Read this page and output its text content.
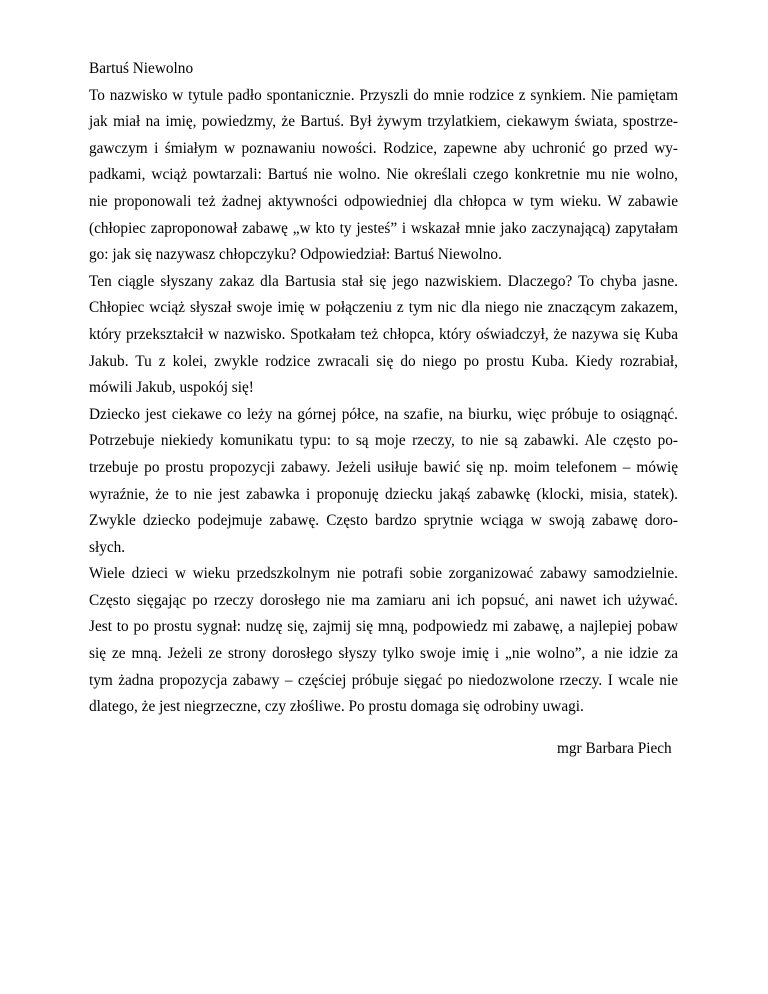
Bartuś Niewolno
To nazwisko w tytule padło spontanicznie. Przyszli do mnie rodzice z synkiem. Nie pamiętam
jak miał na imię, powiedzmy, że Bartuś. Był żywym trzylatkiem, ciekawym świata, spostrze-
gawczym i śmiałym w poznawaniu nowości. Rodzice, zapewne aby uchronić go przed wy-
padkami, wciąż powtarzali: Bartuś nie wolno. Nie określali czego konkretnie mu nie wolno,
nie proponowali też żadnej aktywności odpowiedniej dla chłopca w tym wieku. W zabawie
(chłopiec zaproponował zabawę „w kto ty jesteś” i wskazał mnie jako zaczynającą) zapytałam
go: jak się nazywasz chłopczyku? Odpowiedział: Bartuś Niewolno.
Ten ciągle słyszany zakaz dla Bartusia stał się jego nazwiskiem. Dlaczego? To chyba jasne.
Chłopiec wciąż słyszał swoje imię w połączeniu z tym nic dla niego nie znaczącym zakazem,
który przekształcił w nazwisko. Spotkałam też chłopca, który oświadczył, że nazywa się Kuba
Jakub. Tu z kolei, zwykle rodzice zwracali się do niego po prostu Kuba. Kiedy rozrabiał,
mówili Jakub, uspokój się!
Dziecko jest ciekawe co leży na górnej półce, na szafie, na biurku, więc próbuje to osiągnąć.
Potrzebuje niekiedy komunikatu typu: to są moje rzeczy, to nie są zabawki. Ale często po-
trzebuje po prostu propozycji zabawy. Jeżeli usiłuje bawić się np. moim telefonem – mówię
wyraźnie, że to nie jest zabawka i proponuję dziecku jakąś zabawkę (klocki, misia, statek).
Zwykle dziecko podejmuje zabawę. Często bardzo sprytnie wciąga w swoją zabawę doro-
słych.
Wiele dzieci w wieku przedszkolnym nie potrafi sobie zorganizować zabawy samodzielnie.
Często sięgając po rzeczy dorosłego nie ma zamiaru ani ich popsuć, ani nawet ich używać.
Jest to po prostu sygnał: nudzę się, zajmij się mną, podpowiedz mi zabawę, a najlepiej pobaw
się ze mną. Jeżeli ze strony dorosłego słyszy tylko swoje imię i „nie wolno”, a nie idzie za
tym żadna propozycja zabawy – częściej próbuje sięgać po niedozwolone rzeczy. I wcale nie
dlatego, że jest niegrzeczne, czy złośliwe. Po prostu domaga się odrobiny uwagi.
mgr Barbara Piech
